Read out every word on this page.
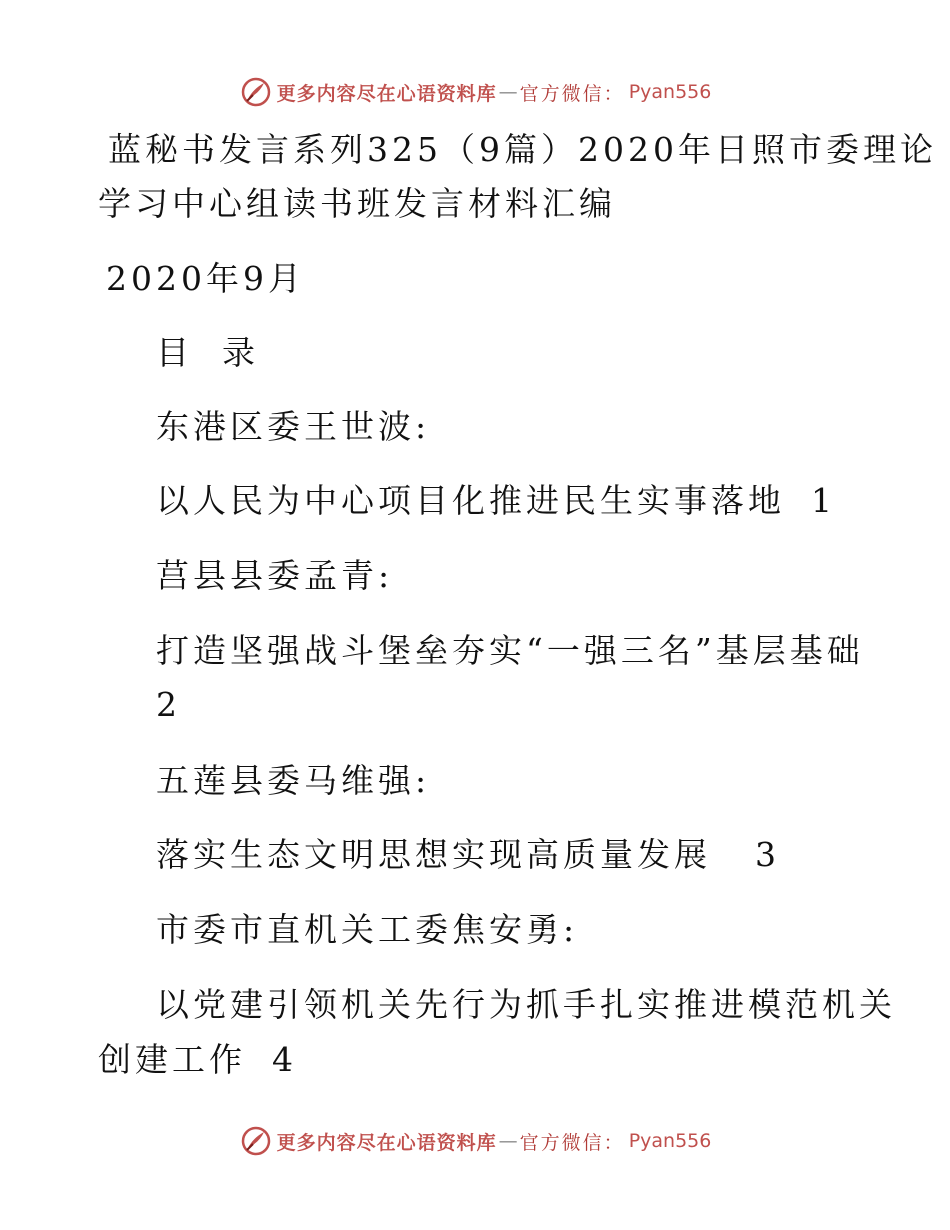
更多内容尽在心语资料库 — 官方微信： Pyan556
蓝秘书发言系列325（9篇）2020年日照市委理论
学习中心组读书班发言材料汇编
2020年9月
目  录
东港区委王世波:
以人民为中心项目化推进民生实事落地 1
莒县县委孟青:
打造坚强战斗堡垒夯实“一强三名”基层基础
2
五莲县委马维强:
落实生态文明思想实现高质量发展 3
市委市直机关工委焦安勇:
以党建引领机关先行为抓手扎实推进模范机关
创建工作 4
更多内容尽在心语资料库 — 官方微信： Pyan556
